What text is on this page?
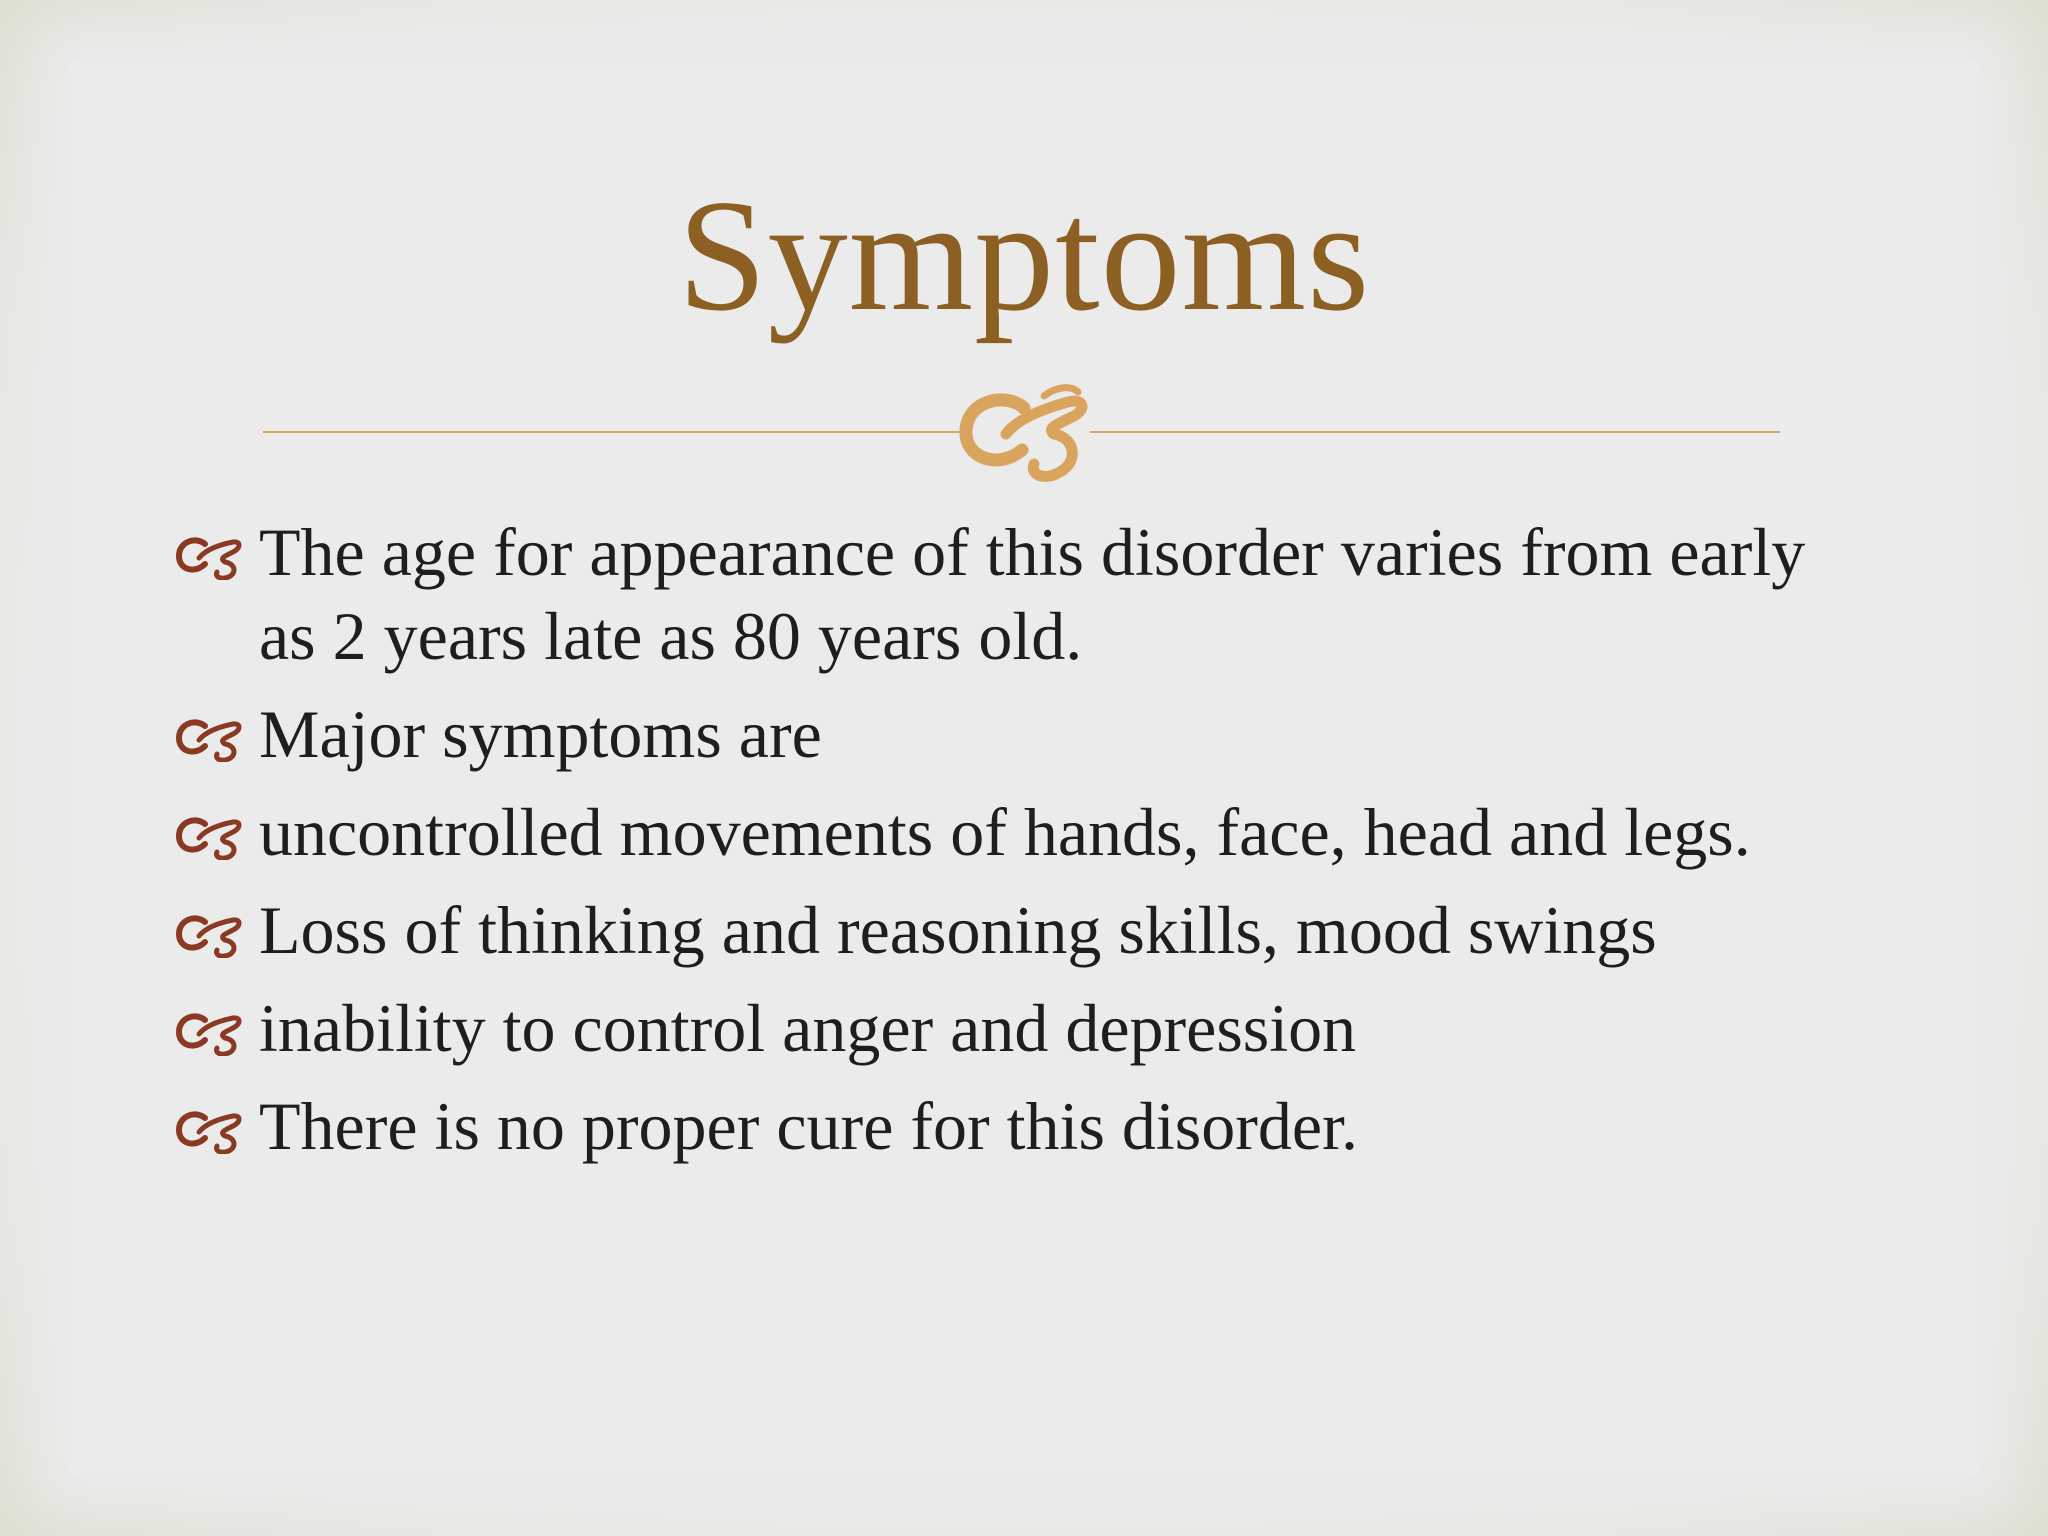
Symptoms
The age for appearance of this disorder varies from early as 2 years late as 80 years old.
Major symptoms are
uncontrolled movements of hands, face, head and legs.
Loss of thinking and reasoning skills, mood swings
inability to control anger and depression
There is no proper cure for this disorder.
